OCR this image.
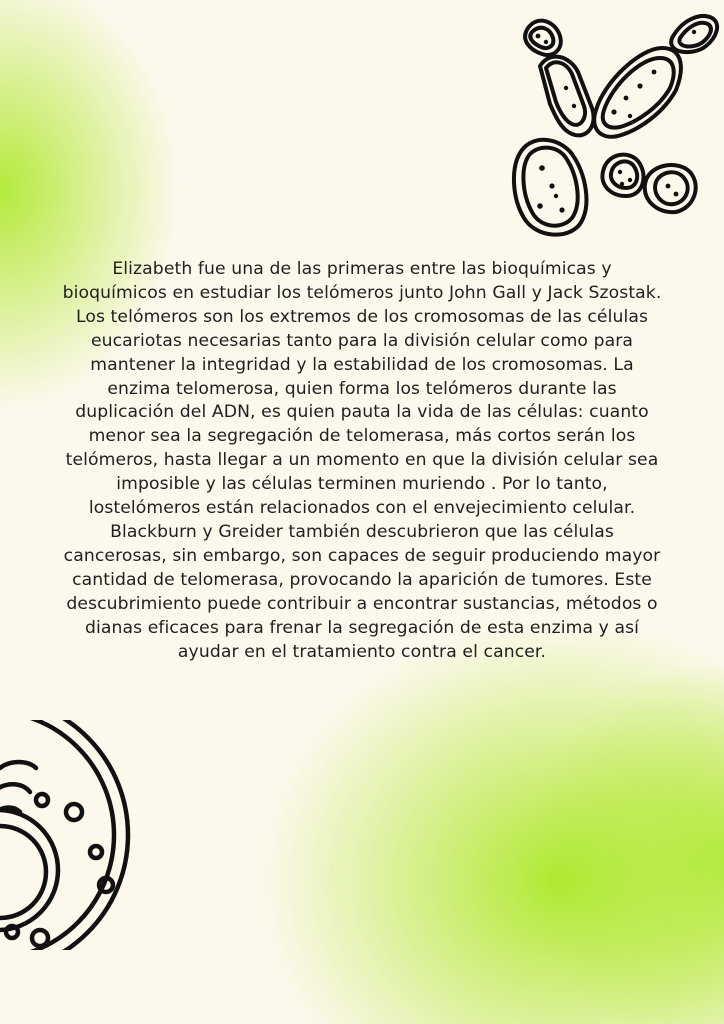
Elizabeth fue una de las primeras entre las bioquímicas y bioquímicos en estudiar los telómeros junto John Gall y Jack Szostak.

Los telómeros son los extremos de los cromosomas de las células eucariotas necesarias tanto para la división celular como para mantener la integridad y la estabilidad de los cromosomas. La enzima telomerosa, quien forma los telómeros durante las duplicación del ADN, es quien pauta la vida de las células: cuanto menor sea la segregación de telomerasa, más cortos serán los telómeros, hasta llegar a un momento en que la división celular sea imposible y las células terminen muriendo . Por lo tanto, lostelómeros están relacionados con el envejecimiento celular.

Blackburn y Greider también descubrieron que las células cancerosas, sin embargo, son capaces de seguir produciendo mayor cantidad de telomerasa, provocando la aparición de tumores. Este descubrimiento puede contribuir a encontrar sustancias, métodos o dianas eficaces para frenar la segregación de esta enzima y así ayudar en el tratamiento contra el cancer.
